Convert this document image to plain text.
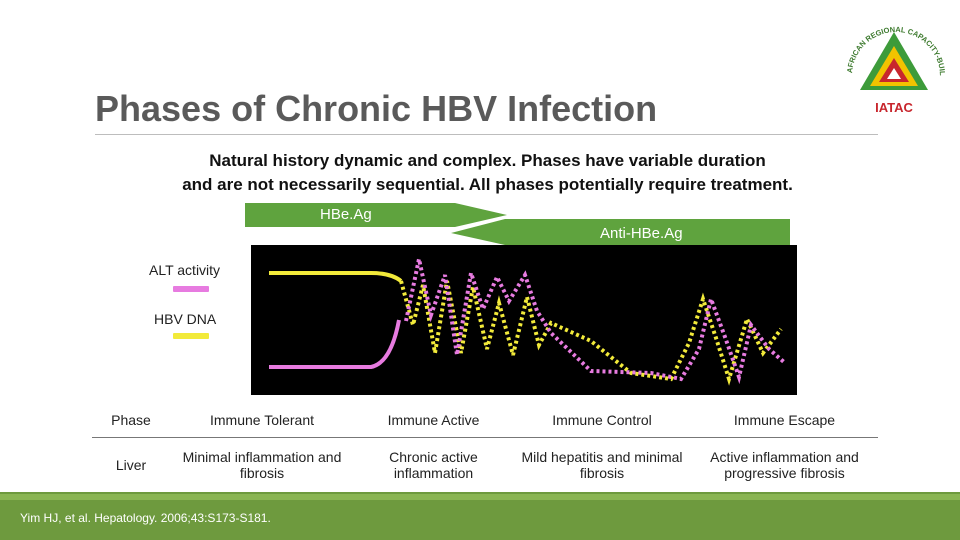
Phases of Chronic HBV Infection
AFRICAN REGIONAL CAPACITY-BUIL
IATAC
Natural history dynamic and complex. Phases have variable duration
and are not necessarily sequential. All phases potentially require treatment.
HBe.Ag
Anti-HBe.Ag
ALT activity
HBV DNA
Phase	Immune Tolerant	Immune Active	Immune Control	Immune Escape
Liver	Minimal inflammation and fibrosis	Chronic active inflammation	Mild hepatitis and minimal fibrosis	Active inflammation and progressive fibrosis
Yim HJ, et al. Hepatology. 2006;43:S173-S181.
